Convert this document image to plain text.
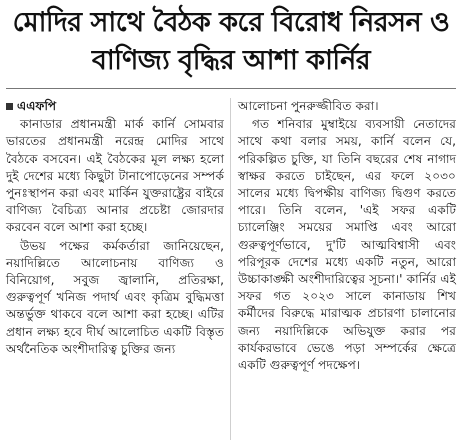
মোদির সাথে বৈঠক করে বিরোধ নিরসন ও বাণিজ্য বৃদ্ধির আশা কার্নির
এএফপি

কানাডার প্রধানমন্ত্রী মার্ক কার্নি সোমবার ভারতের প্রধানমন্ত্রী নরেন্দ্র মোদির সাথে বৈঠকে বসবেন। এই বৈঠকের মূল লক্ষ্য হলো দুই দেশের মধ্যে কিছুটা টানাপোড়েনের সম্পর্ক পুনঃস্থাপন করা এবং মার্কিন যুক্তরাষ্ট্রের বাইরে বাণিজ্য বৈচিত্র্য আনার প্রচেষ্টা জোরদার করবেন বলে আশা করা হচ্ছে।

উভয় পক্ষের কর্মকর্তারা জানিয়েছেন, নয়াদিল্লিতে আলোচনায় বাণিজ্য ও বিনিয়োগ, সবুজ জ্বালানি, প্রতিরক্ষা, গুরুত্বপূর্ণ খনিজ পদার্থ এবং কৃত্রিম বুদ্ধিমত্তা অন্তর্ভুক্ত থাকবে বলে আশা করা হচ্ছে। এটির প্রধান লক্ষ্য হবে দীর্ঘ আলোচিত একটি বিস্তৃত অর্থনৈতিক অংশীদারিত্ব চুক্তির জন্য

আলোচনা পুনরুজ্জীবিত করা।

গত শনিবার মুম্বাইয়ে ব্যবসায়ী নেতাদের সাথে কথা বলার সময়, কার্নি বলেন যে, পরিকল্পিত চুক্তি, যা তিনি বছরের শেষ নাগাদ স্বাক্ষর করতে চাইছেন, এর ফলে ২০৩০ সালের মধ্যে দ্বিপক্ষীয় বাণিজ্য দ্বিগুণ করতে পারে। তিনি বলেন, 'এই সফর একটি চ্যালেঞ্জিং সময়ের সমাপ্তি এবং আরো গুরুত্বপূর্ণভাবে, দু'টি আত্মবিশ্বাসী এবং পরিপূরক দেশের মধ্যে একটি নতুন, আরো উচ্চাকাঙ্ক্ষী অংশীদারিত্বের সূচনা।' কার্নির এই সফর গত ২০২৩ সালে কানাডায় শিখ কর্মীদের বিরুদ্ধে মারাত্মক প্রচারণা চালানোর জন্য নয়াদিল্লিকে অভিযুক্ত করার পর কার্যকরভাবে ভেঙে পড়া সম্পর্কের ক্ষেত্রে একটি গুরুত্বপূর্ণ পদক্ষেপ।
